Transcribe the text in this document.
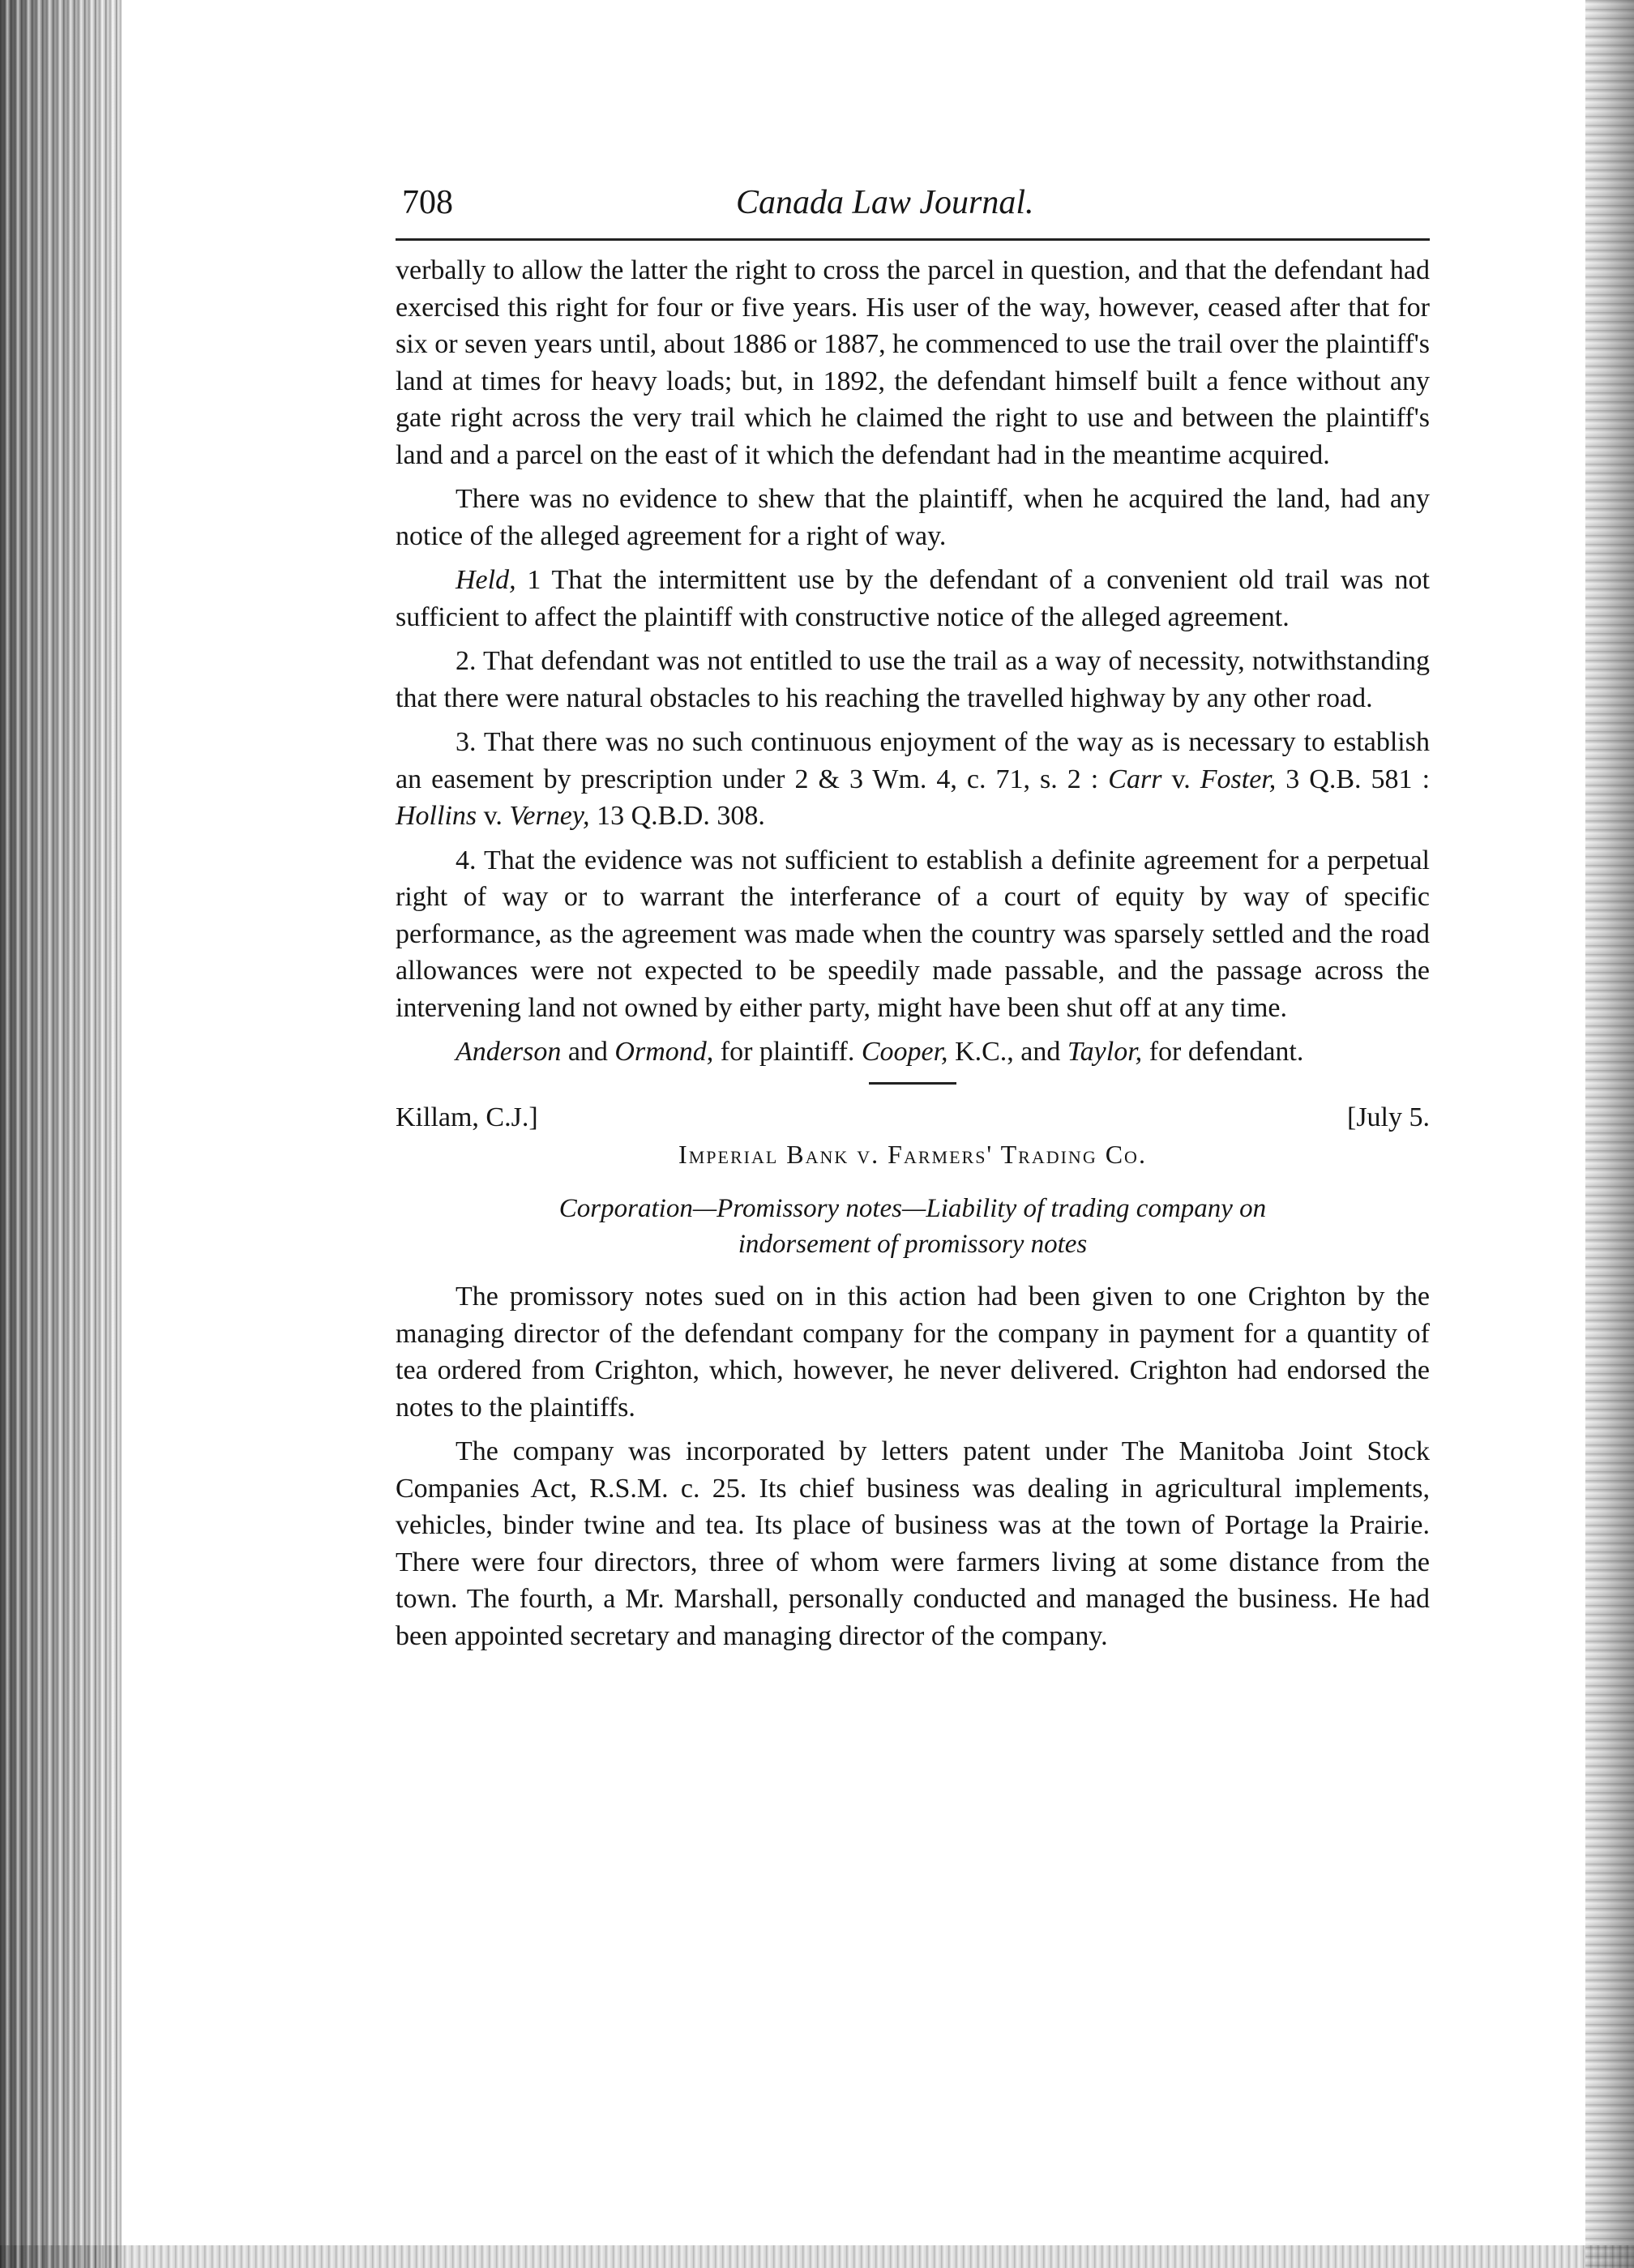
708	Canada Law Journal.

verbally to allow the latter the right to cross the parcel in question, and that the defendant had exercised this right for four or five years. His user of the way, however, ceased after that for six or seven years until, about 1886 or 1887, he commenced to use the trail over the plaintiff's land at times for heavy loads; but, in 1892, the defendant himself built a fence without any gate right across the very trail which he claimed the right to use and between the plaintiff's land and a parcel on the east of it which the defendant had in the meantime acquired.

There was no evidence to shew that the plaintiff, when he acquired the land, had any notice of the alleged agreement for a right of way.

Held, 1 That the intermittent use by the defendant of a convenient old trail was not sufficient to affect the plaintiff with constructive notice of the alleged agreement.

2. That defendant was not entitled to use the trail as a way of necessity, notwithstanding that there were natural obstacles to his reaching the travelled highway by any other road.

3. That there was no such continuous enjoyment of the way as is necessary to establish an easement by prescription under 2 & 3 Wm. 4, c. 71, s. 2 : Carr v. Foster, 3 Q.B. 581 : Hollins v. Verney, 13 Q.B.D. 308.

4. That the evidence was not sufficient to establish a definite agreement for a perpetual right of way or to warrant the interferance of a court of equity by way of specific performance, as the agreement was made when the country was sparsely settled and the road allowances were not expected to be speedily made passable, and the passage across the intervening land not owned by either party, might have been shut off at any time.

Anderson and Ormond, for plaintiff. Cooper, K.C., and Taylor, for defendant.

Killam, C.J.]	[July 5.
Imperial Bank v. Farmers' Trading Co.
Corporation—Promissory notes—Liability of trading company on
indorsement of promissory notes

The promissory notes sued on in this action had been given to one Crighton by the managing director of the defendant company for the company in payment for a quantity of tea ordered from Crighton, which, however, he never delivered. Crighton had endorsed the notes to the plaintiffs.

The company was incorporated by letters patent under The Manitoba Joint Stock Companies Act, R.S.M. c. 25. Its chief business was dealing in agricultural implements, vehicles, binder twine and tea. Its place of business was at the town of Portage la Prairie. There were four directors, three of whom were farmers living at some distance from the town. The fourth, a Mr. Marshall, personally conducted and managed the business. He had been appointed secretary and managing director of the company.
